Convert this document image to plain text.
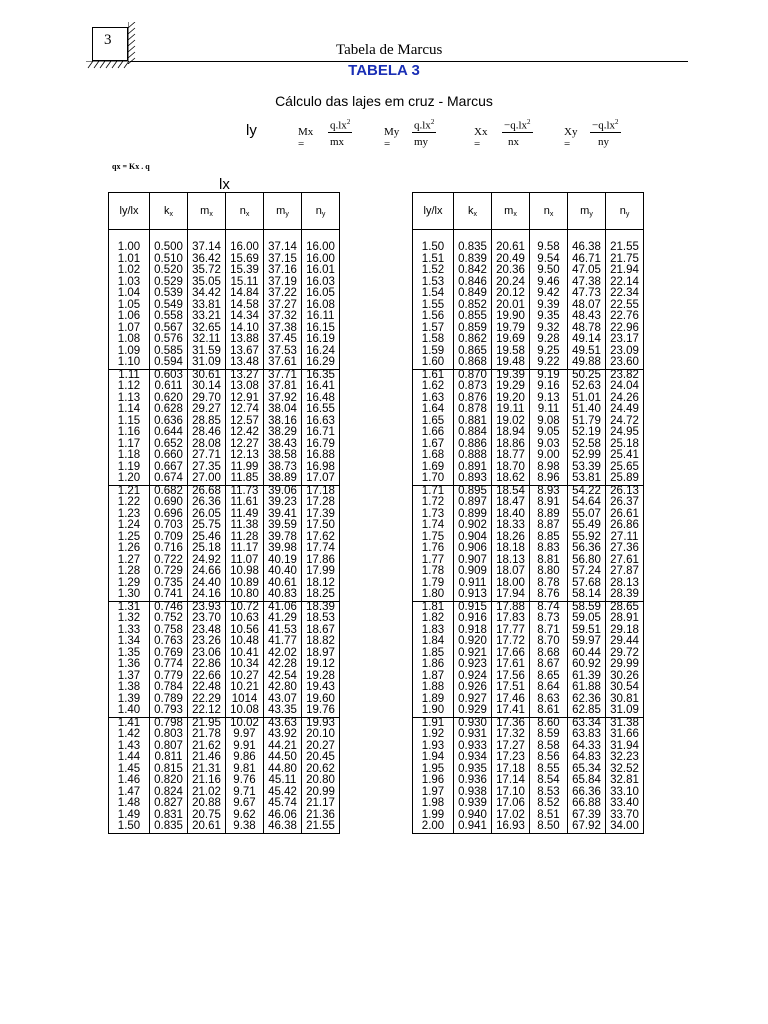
3
Tabela de Marcus
TABELA 3
Cálculo das lajes em cruz - Marcus
ly
lx
Mx =
$q.lx^2$
mx
My =
$q.lx^2$
my
Xx =
$-q.lx^2$
nx
Xy =
$-q.lx^2$
ny
qx = Kx . q
ly/lx	kx	mx	nx	my	ny
1.00	0.500	37.14	16.00	37.14	16.00
1.01	0.510	36.42	15.69	37.15	16.00
1.02	0.520	35.72	15.39	37.16	16.01
1.03	0.529	35.05	15.11	37.19	16.03
1.04	0.539	34.42	14.84	37.22	16.05
1.05	0.549	33.81	14.58	37.27	16.08
1.06	0.558	33.21	14.34	37.32	16.11
1.07	0.567	32.65	14.10	37.38	16.15
1.08	0.576	32.11	13.88	37.45	16.19
1.09	0.585	31.59	13.67	37.53	16.24
1.10	0.594	31.09	13.48	37.61	16.29
1.11	0.603	30.61	13.27	37.71	16.35
1.12	0.611	30.14	13.08	37.81	16.41
1.13	0.620	29.70	12.91	37.92	16.48
1.14	0.628	29.27	12.74	38.04	16.55
1.15	0.636	28.85	12.57	38.16	16.63
1.16	0.644	28.46	12.42	38.29	16.71
1.17	0.652	28.08	12.27	38.43	16.79
1.18	0.660	27.71	12.13	38.58	16.88
1.19	0.667	27.35	11.99	38.73	16.98
1.20	0.674	27.00	11.85	38.89	17.07
1.21	0.682	26.68	11.73	39.06	17.18
1.22	0.690	26.36	11.61	39.23	17.28
1.23	0.696	26.05	11.49	39.41	17.39
1.24	0.703	25.75	11.38	39.59	17.50
1.25	0.709	25.46	11.28	39.78	17.62
1.26	0.716	25.18	11.17	39.98	17.74
1.27	0.722	24.92	11.07	40.19	17.86
1.28	0.729	24.66	10.98	40.40	17.99
1.29	0.735	24.40	10.89	40.61	18.12
1.30	0.741	24.16	10.80	40.83	18.25
1.31	0.746	23.93	10.72	41.06	18.39
1.32	0.752	23.70	10.63	41.29	18.53
1.33	0.758	23.48	10.56	41.53	18.67
1.34	0.763	23.26	10.48	41.77	18.82
1.35	0.769	23.06	10.41	42.02	18.97
1.36	0.774	22.86	10.34	42.28	19.12
1.37	0.779	22.66	10.27	42.54	19.28
1.38	0.784	22.48	10.21	42.80	19.43
1.39	0.789	22.29	1014	43.07	19.60
1.40	0.793	22.12	10.08	43.35	19.76
1.41	0.798	21.95	10.02	43.63	19.93
1.42	0.803	21.78	9.97	43.92	20.10
1.43	0.807	21.62	9.91	44.21	20.27
1.44	0.811	21.46	9.86	44.50	20.45
1.45	0.815	21.31	9.81	44.80	20.62
1.46	0.820	21.16	9.76	45.11	20.80
1.47	0.824	21.02	9.71	45.42	20.99
1.48	0.827	20.88	9.67	45.74	21.17
1.49	0.831	20.75	9.62	46.06	21.36
1.50	0.835	20.61	9.38	46.38	21.55
ly/lx	kx	mx	nx	my	ny
1.50	0.835	20.61	9.58	46.38	21.55
1.51	0.839	20.49	9.54	46.71	21.75
1.52	0.842	20.36	9.50	47.05	21.94
1.53	0.846	20.24	9.46	47.38	22.14
1.54	0.849	20.12	9.42	47.73	22.34
1.55	0.852	20.01	9.39	48.07	22.55
1.56	0.855	19.90	9.35	48.43	22.76
1.57	0.859	19.79	9.32	48.78	22.96
1.58	0.862	19.69	9.28	49.14	23.17
1.59	0.865	19.58	9.25	49.51	23.09
1.60	0.868	19.48	9.22	49.88	23.60
1.61	0.870	19.39	9.19	50.25	23.82
1.62	0.873	19.29	9.16	52.63	24.04
1.63	0.876	19.20	9.13	51.01	24.26
1.64	0.878	19.11	9.11	51.40	24.49
1.65	0.881	19.02	9.08	51.79	24.72
1.66	0.884	18.94	9.05	52.19	24.95
1.67	0.886	18.86	9.03	52.58	25.18
1.68	0.888	18.77	9.00	52.99	25.41
1.69	0.891	18.70	8.98	53.39	25.65
1.70	0.893	18.62	8.96	53.81	25.89
1.71	0.895	18.54	8.93	54.22	26.13
1.72	0.897	18.47	8.91	54.64	26.37
1.73	0.899	18.40	8.89	55.07	26.61
1.74	0.902	18.33	8.87	55.49	26.86
1.75	0.904	18.26	8.85	55.92	27.11
1.76	0.906	18.18	8.83	56.36	27.36
1.77	0.907	18.13	8.81	56.80	27.61
1.78	0.909	18.07	8.80	57.24	27.87
1.79	0.911	18.00	8.78	57.68	28.13
1.80	0.913	17.94	8.76	58.14	28.39
1.81	0.915	17.88	8.74	58.59	28.65
1.82	0.916	17.83	8.73	59.05	28.91
1.83	0.918	17.77	8.71	59.51	29.18
1.84	0.920	17.72	8.70	59.97	29.44
1.85	0.921	17.66	8.68	60.44	29.72
1.86	0.923	17.61	8.67	60.92	29.99
1.87	0.924	17.56	8.65	61.39	30.26
1.88	0.926	17.51	8.64	61.88	30.54
1.89	0.927	17.46	8.63	62.36	30.81
1.90	0.929	17.41	8.61	62.85	31.09
1.91	0.930	17.36	8.60	63.34	31.38
1.92	0.931	17.32	8.59	63.83	31.66
1.93	0.933	17.27	8.58	64.33	31.94
1.94	0.934	17.23	8.56	64.83	32.23
1.95	0.935	17.18	8.55	65.34	32.52
1.96	0.936	17.14	8.54	65.84	32.81
1.97	0.938	17.10	8.53	66.36	33.10
1.98	0.939	17.06	8.52	66.88	33.40
1.99	0.940	17.02	8.51	67.39	33.70
2.00	0.941	16.93	8.50	67.92	34.00
